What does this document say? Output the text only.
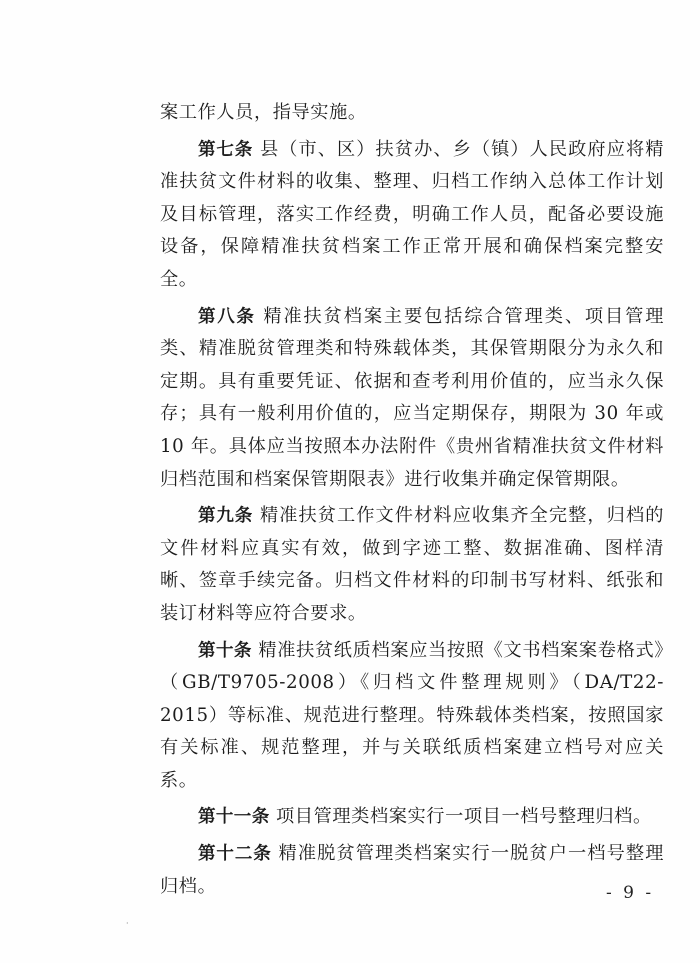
案工作人员，指导实施。

第七条 县（市、区）扶贫办、乡（镇）人民政府应将精准扶贫文件材料的收集、整理、归档工作纳入总体工作计划及目标管理，落实工作经费，明确工作人员，配备必要设施设备，保障精准扶贫档案工作正常开展和确保档案完整安全。

第八条 精准扶贫档案主要包括综合管理类、项目管理类、精准脱贫管理类和特殊载体类，其保管期限分为永久和定期。具有重要凭证、依据和查考利用价值的，应当永久保存；具有一般利用价值的，应当定期保存，期限为 30 年或 10 年。具体应当按照本办法附件《贵州省精准扶贫文件材料归档范围和档案保管期限表》进行收集并确定保管期限。

第九条 精准扶贫工作文件材料应收集齐全完整，归档的文件材料应真实有效，做到字迹工整、数据准确、图样清晰、签章手续完备。归档文件材料的印制书写材料、纸张和装订材料等应符合要求。

第十条 精准扶贫纸质档案应当按照《文书档案案卷格式》（GB/T9705-2008）《归档文件整理规则》（DA/T22-2015）等标准、规范进行整理。特殊载体类档案，按照国家有关标准、规范整理，并与关联纸质档案建立档号对应关系。

第十一条 项目管理类档案实行一项目一档号整理归档。

第十二条 精准脱贫管理类档案实行一脱贫户一档号整理归档。	- 9 -
·
